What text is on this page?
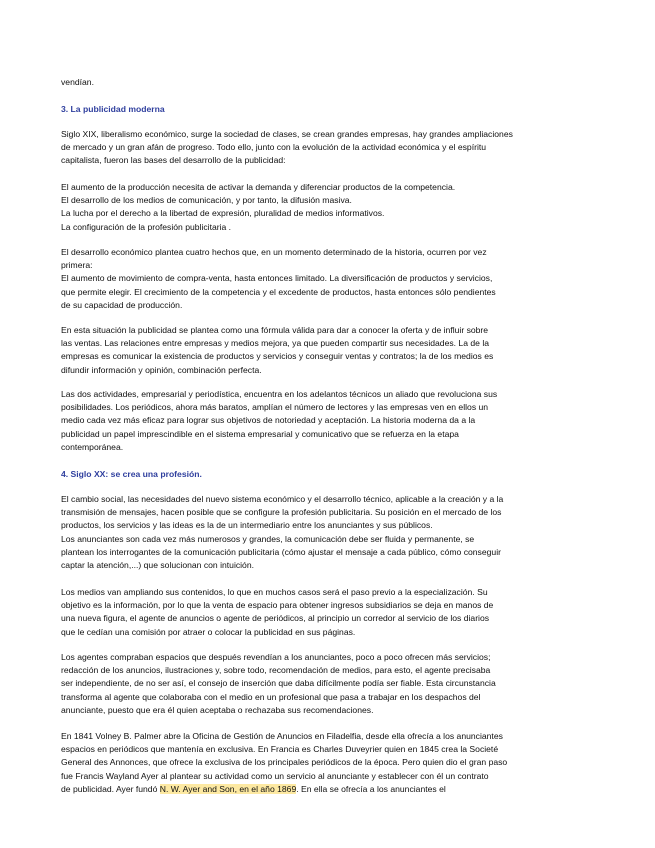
vendían.

3. La publicidad moderna

Siglo XIX, liberalismo económico, surge la sociedad de clases, se crean grandes empresas, hay grandes ampliaciones
de mercado y un gran afán de progreso. Todo ello, junto con la evolución de la actividad económica y el espíritu
capitalista, fueron las bases del desarrollo de la publicidad:

El aumento de la producción necesita de activar la demanda y diferenciar productos de la competencia.
El desarrollo de los medios de comunicación, y por tanto, la difusión masiva.
La lucha por el derecho a la libertad de expresión, pluralidad de medios informativos.
La configuración de la profesión publicitaria .

El desarrollo económico plantea cuatro hechos que, en un momento determinado de la historia, ocurren por vez
primera:
El aumento de movimiento de compra-venta, hasta entonces limitado. La diversificación de productos y servicios,
que permite elegir. El crecimiento de la competencia y el excedente de productos, hasta entonces sólo pendientes
de su capacidad de producción.

En esta situación la publicidad se plantea como una fórmula válida para dar a conocer la oferta y de influir sobre
las ventas. Las relaciones entre empresas y medios mejora, ya que pueden compartir sus necesidades. La de la
empresas es comunicar la existencia de productos y servicios y conseguir ventas y contratos; la de los medios es
difundir información y opinión, combinación perfecta.

Las dos actividades, empresarial y periodística, encuentra en los adelantos técnicos un aliado que revoluciona sus
posibilidades. Los periódicos, ahora más baratos, amplían el número de lectores y las empresas ven en ellos un
medio cada vez más eficaz para lograr sus objetivos de notoriedad y aceptación. La historia moderna da a la
publicidad un papel imprescindible en el sistema empresarial y comunicativo que se refuerza en la etapa
contemporánea.

4. Siglo XX: se crea una profesión.

El cambio social, las necesidades del nuevo sistema económico y el desarrollo técnico, aplicable a la creación y a la
transmisión de mensajes, hacen posible que se configure la profesión publicitaria. Su posición en el mercado de los
productos, los servicios y las ideas es la de un intermediario entre los anunciantes y sus públicos.
Los anunciantes son cada vez más numerosos y grandes, la comunicación debe ser fluida y permanente, se
plantean los interrogantes de la comunicación publicitaria (cómo ajustar el mensaje a cada público, cómo conseguir
captar la atención,...) que solucionan con intuición.

Los medios van ampliando sus contenidos, lo que en muchos casos será el paso previo a la especialización. Su
objetivo es la información, por lo que la venta de espacio para obtener ingresos subsidiarios se deja en manos de
una nueva figura, el agente de anuncios o agente de periódicos, al principio un corredor al servicio de los diarios
que le cedían una comisión por atraer o colocar la publicidad en sus páginas.

Los agentes compraban espacios que después revendían a los anunciantes, poco a poco ofrecen más servicios;
redacción de los anuncios, ilustraciones y, sobre todo, recomendación de medios, para esto, el agente precisaba
ser independiente, de no ser así, el consejo de inserción que daba difícilmente podía ser fiable. Esta circunstancia
transforma al agente que colaboraba con el medio en un profesional que pasa a trabajar en los despachos del
anunciante, puesto que era él quien aceptaba o rechazaba sus recomendaciones.

En 1841 Volney B. Palmer abre la Oficina de Gestión de Anuncios en Filadelfia, desde ella ofrecía a los anunciantes
espacios en periódicos que mantenía en exclusiva. En Francia es Charles Duveyrier quien en 1845 crea la Societé
General des Annonces, que ofrece la exclusiva de los principales periódicos de la época. Pero quien dio el gran paso
fue Francis Wayland Ayer al plantear su actividad como un servicio al anunciante y establecer con él un contrato
de publicidad. Ayer fundó N. W. Ayer and Son, en el año 1869. En ella se ofrecía a los anunciantes el
